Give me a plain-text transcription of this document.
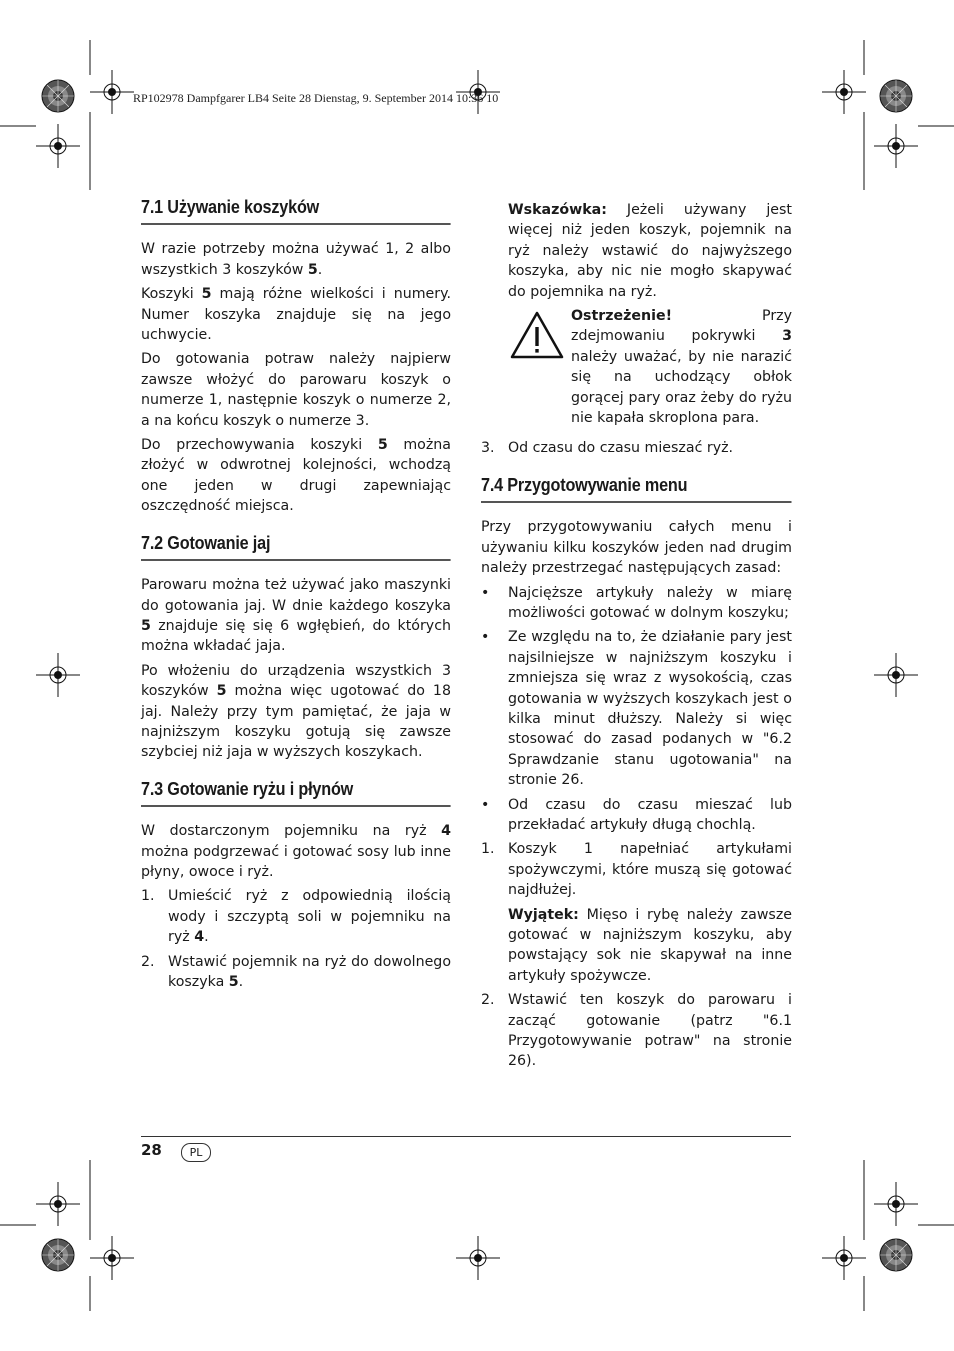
RP102978 Dampfgarer LB4 Seite 28 Dienstag, 9. September 2014 10:36 10
7.1 Używanie koszyków

W razie potrzeby można używać 1, 2 albo wszystkich 3 koszyków 5.

Koszyki 5 mają różne wielkości i numery. Numer koszyka znajduje się na jego uchwycie.

Do gotowania potraw należy najpierw zawsze włożyć do parowaru koszyk o numerze 1, następnie koszyk o numerze 2, a na końcu koszyk o numerze 3.

Do przechowywania koszyki 5 można złożyć w odwrotnej kolejności, wchodzą one jeden w drugi zapewniając oszczędność miejsca.

7.2 Gotowanie jaj

Parowaru można też używać jako maszynki do gotowania jaj. W dnie każdego koszyka 5 znajduje się się 6 wgłębień, do których można wkładać jaja.

Po włożeniu do urządzenia wszystkich 3 koszyków 5 można więc ugotować do 18 jaj. Należy przy tym pamiętać, że jaja w najniższym koszyku gotują się zawsze szybciej niż jaja w wyższych koszykach.

7.3 Gotowanie ryżu i płynów

W dostarczonym pojemniku na ryż 4 można podgrzewać i gotować sosy lub inne płyny, owoce i ryż.

1. Umieścić ryż z odpowiednią ilością wody i szczyptą soli w pojemniku na ryż 4.
2. Wstawić pojemnik na ryż do dowolnego koszyka 5.

Wskazówka: Jeżeli używany jest więcej niż jeden koszyk, pojemnik na ryż należy wstawić do najwyższego koszyka, aby nic nie mogło skapywać do pojemnika na ryż.

Ostrzeżenie! Przy zdejmowaniu pokrywki 3 należy uważać, by nie narazić się na uchodzący obłok gorącej pary oraz żeby do ryżu nie kapała skroplona para.

3. Od czasu do czasu mieszać ryż.
7.4 Przygotowywanie menu

Przy przygotowywaniu całych menu i używaniu kilku koszyków jeden nad drugim należy przestrzegać następujących zasad:

•	Najcięższe artykuły należy w miarę możliwości gotować w dolnym koszyku;
•	Ze względu na to, że działanie pary jest najsilniejsze w najniższym koszyku i zmniejsza się wraz z wysokością, czas gotowania w wyższych koszykach jest o kilka minut dłuższy. Należy si więc stosować do zasad podanych w "6.2 Sprawdzanie stanu ugotowania" na stronie 26.
•	Od czasu do czasu mieszać lub przekładać artykuły długą chochlą.
1. Koszyk 1 napełniać artykułami spożywczymi, które muszą się gotować najdłużej.

Wyjątek: Mięso i rybę należy zawsze gotować w najniższym koszyku, aby powstający sok nie skapywał na inne artykuły spożywcze.

2. Wstawić ten koszyk do parowaru i zacząć gotowanie (patrz "6.1 Przygotowywanie potraw" na stronie 26).
28	PL
